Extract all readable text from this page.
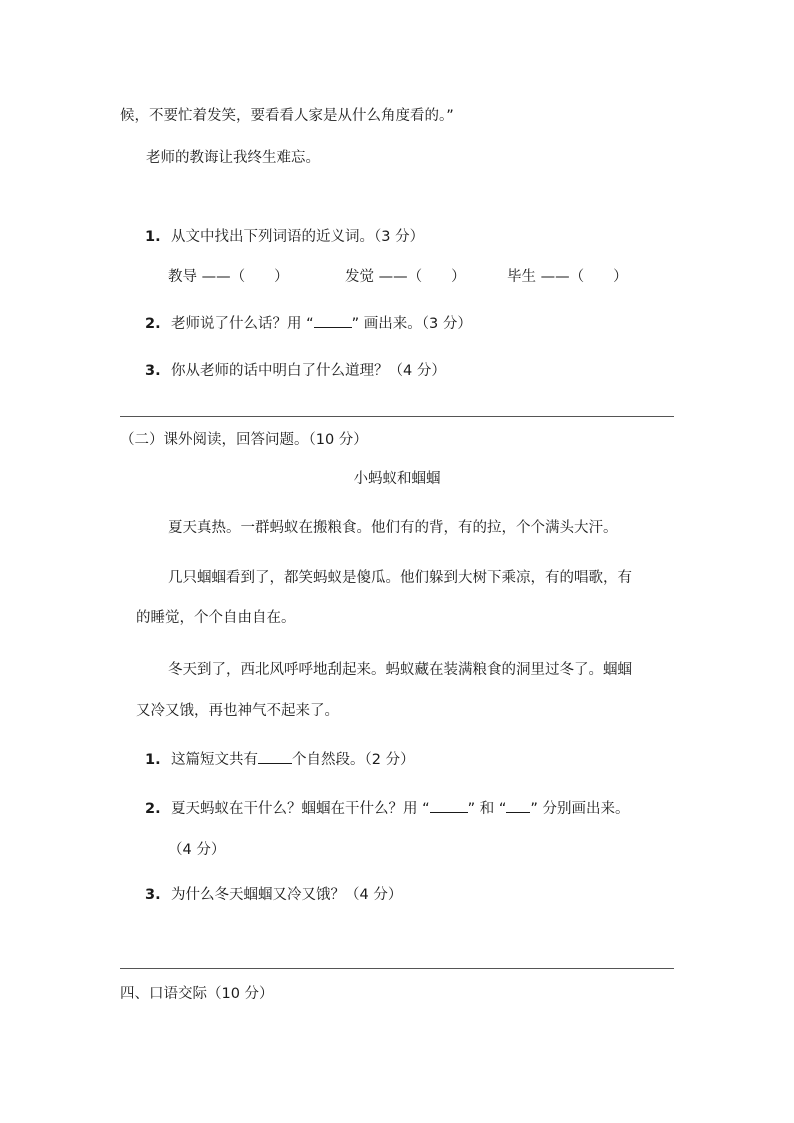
候，不要忙着发笑，要看看人家是从什么角度看的。”
老师的教诲让我终生难忘。
1. 从文中找出下列词语的近义词。（3 分）
教导 ——（　　）	发觉 ——（　　）	毕生 ——（　　）
2. 老师说了什么话？用 “	” 画出来。（3 分）
3. 你从老师的话中明白了什么道理？（4 分）
（二）课外阅读，回答问题。（10 分）
小蚂蚁和蝈蝈
夏天真热。一群蚂蚁在搬粮食。他们有的背，有的拉，个个满头大汗。
几只蝈蝈看到了，都笑蚂蚁是傻瓜。他们躲到大树下乘凉，有的唱歌，有
的睡觉，个个自由自在。
冬天到了，西北风呼呼地刮起来。蚂蚁藏在装满粮食的洞里过冬了。蝈蝈
又冷又饿，再也神气不起来了。
1. 这篇短文共有 个自然段。（2 分）
2. 夏天蚂蚁在干什么？蝈蝈在干什么？用 “	” 和 “ ” 分别画出来。
（4 分）
3. 为什么冬天蝈蝈又冷又饿？（4 分）
四、口语交际（10 分）
